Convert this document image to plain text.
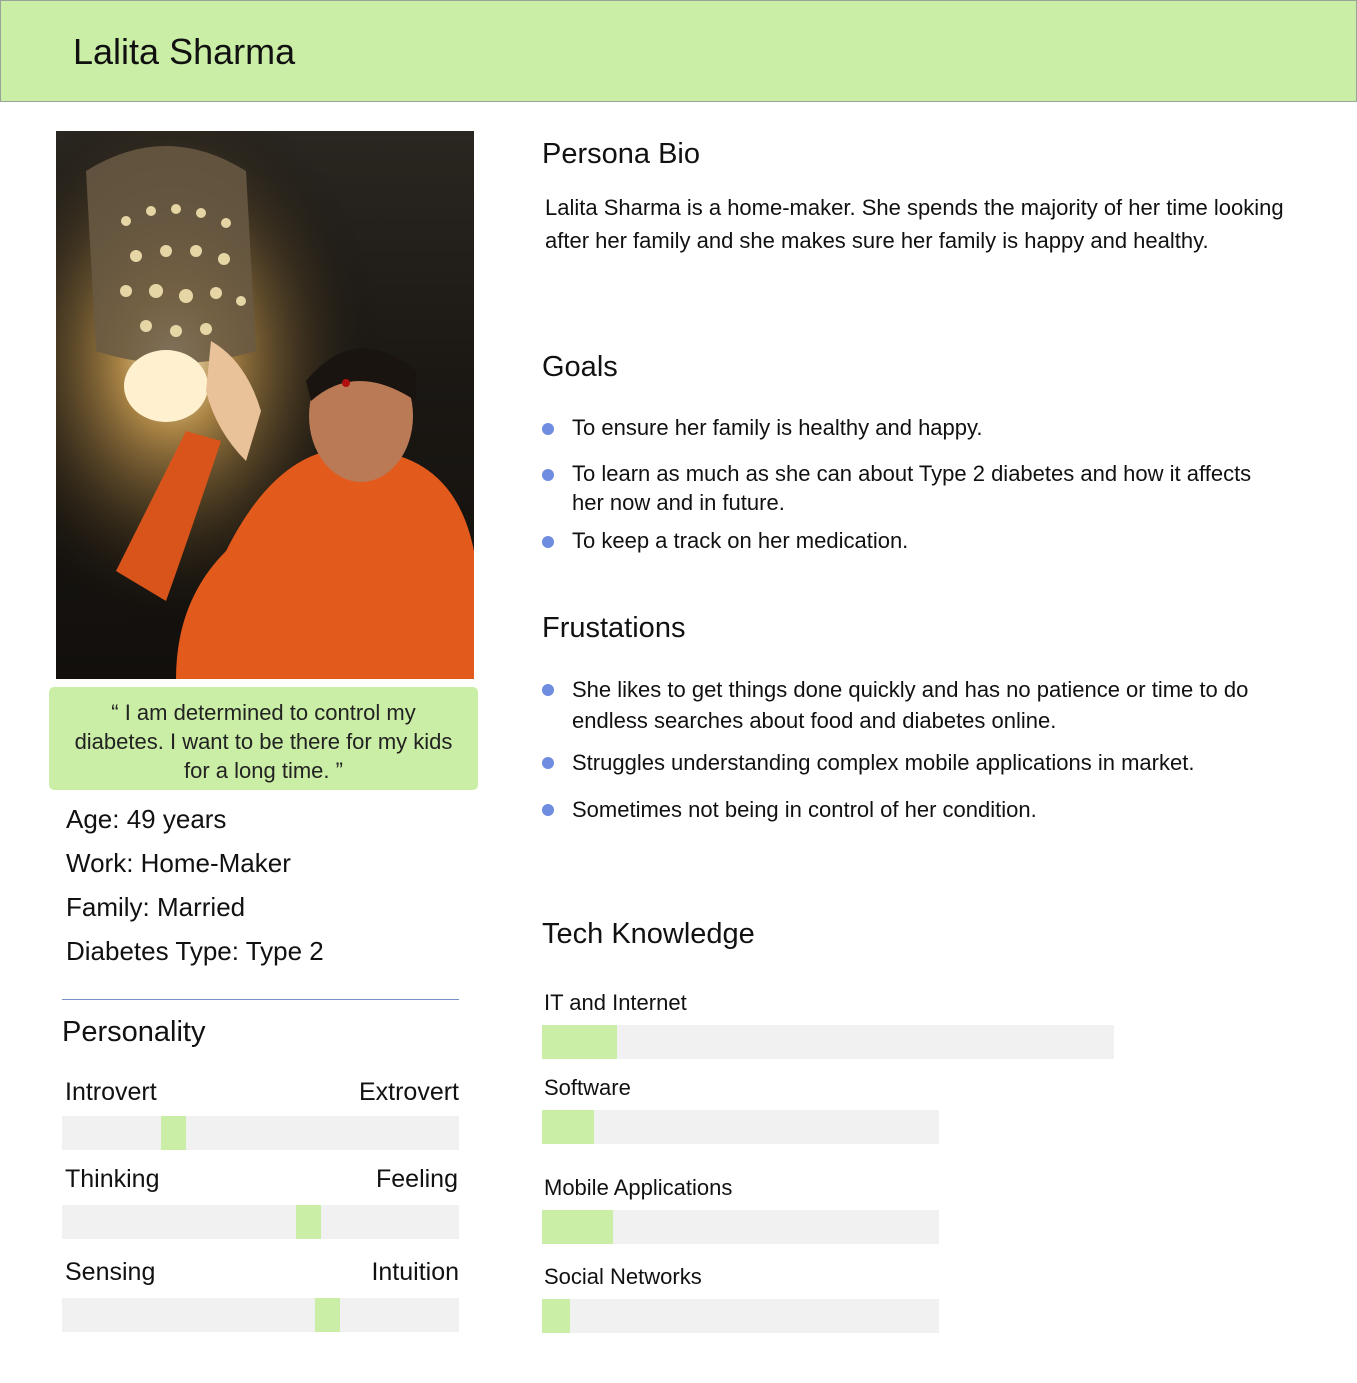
Lalita Sharma
“ I am determined to control my diabetes. I want to be there for my kids for a long time. ”
Age: 49 years
Work: Home-Maker
Family: Married
Diabetes Type: Type 2
Personality
Introvert	Extrovert
Thinking	Feeling
Sensing	Intuition
Persona Bio
Lalita Sharma is a home-maker. She spends the majority of her time looking after her family and she makes sure her family is happy and healthy.
Goals
To ensure her family is healthy and happy.
To learn as much as she can about Type 2 diabetes and how it affects her now and in future.
To keep a track on her medication.
Frustations
She likes to get things done quickly and has no patience or time to do endless searches about food and diabetes online.
Struggles understanding complex mobile applications in market.
Sometimes not being in control of her condition.
Tech Knowledge
IT and Internet
Software
Mobile Applications
Social Networks
